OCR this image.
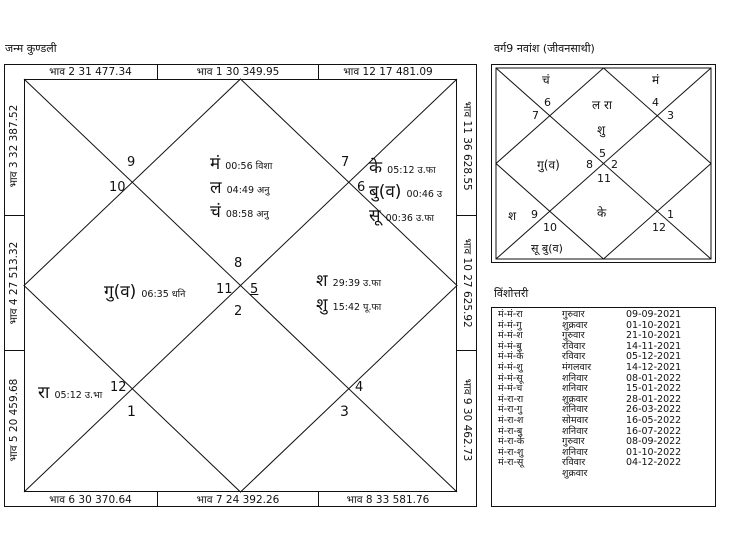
जन्म कुण्डली
भाव 2 31 477.34	भाव 1 30 349.95	भाव 12 17 481.09
भाव 6 30 370.64	भाव 7 24 392.26	भाव 8 33 581.76
भाव 3 32 387.52
भाव 4 27 513.32
भाव 5 20 459.68
भाव 11 36 628.55
भाव 10 27 625.92
भाव 9 30 462.73
9
10
8
11 5
2
7
6
12
1
4
3
मं 00:56 विशा
ल 04:49 अनु
चं 08:58 अनु
के 05:12 उ.फा
बु(व) 00:46 उ
सू 00:36 उ.फा
गु(व) 06:35 धनि
श 29:39 उ.फा
शु 15:42 पू.फा
रा 05:12 उ.भा
वर्ग9 नवांश (जीवनसाथी)
6
7
4
3
5
8 2
11
9
10
1
12
चं	मं
ल रा
शु
गु(व)
के
श
सू बु(व)
विंशोत्तरी
मं-मं-रा	गुरुवार	09-09-2021
मं-मं-गु	शुक्रवार	01-10-2021
मं-मं-श	गुरुवार	21-10-2021
मं-मं-बु	रविवार	14-11-2021
मं-मं-के	रविवार	05-12-2021
मं-मं-शु	मंगलवार	14-12-2021
मं-मं-सू	शनिवार	08-01-2022
मं-मं-चं	शनिवार	15-01-2022
मं-रा-रा	शुक्रवार	28-01-2022
मं-रा-गु	शनिवार	26-03-2022
मं-रा-श	सोमवार	16-05-2022
मं-रा-बु	शनिवार	16-07-2022
मं-रा-के	गुरुवार	08-09-2022
मं-रा-शु	शनिवार	01-10-2022
मं-रा-सू	रविवार	04-12-2022
शुक्रवार
